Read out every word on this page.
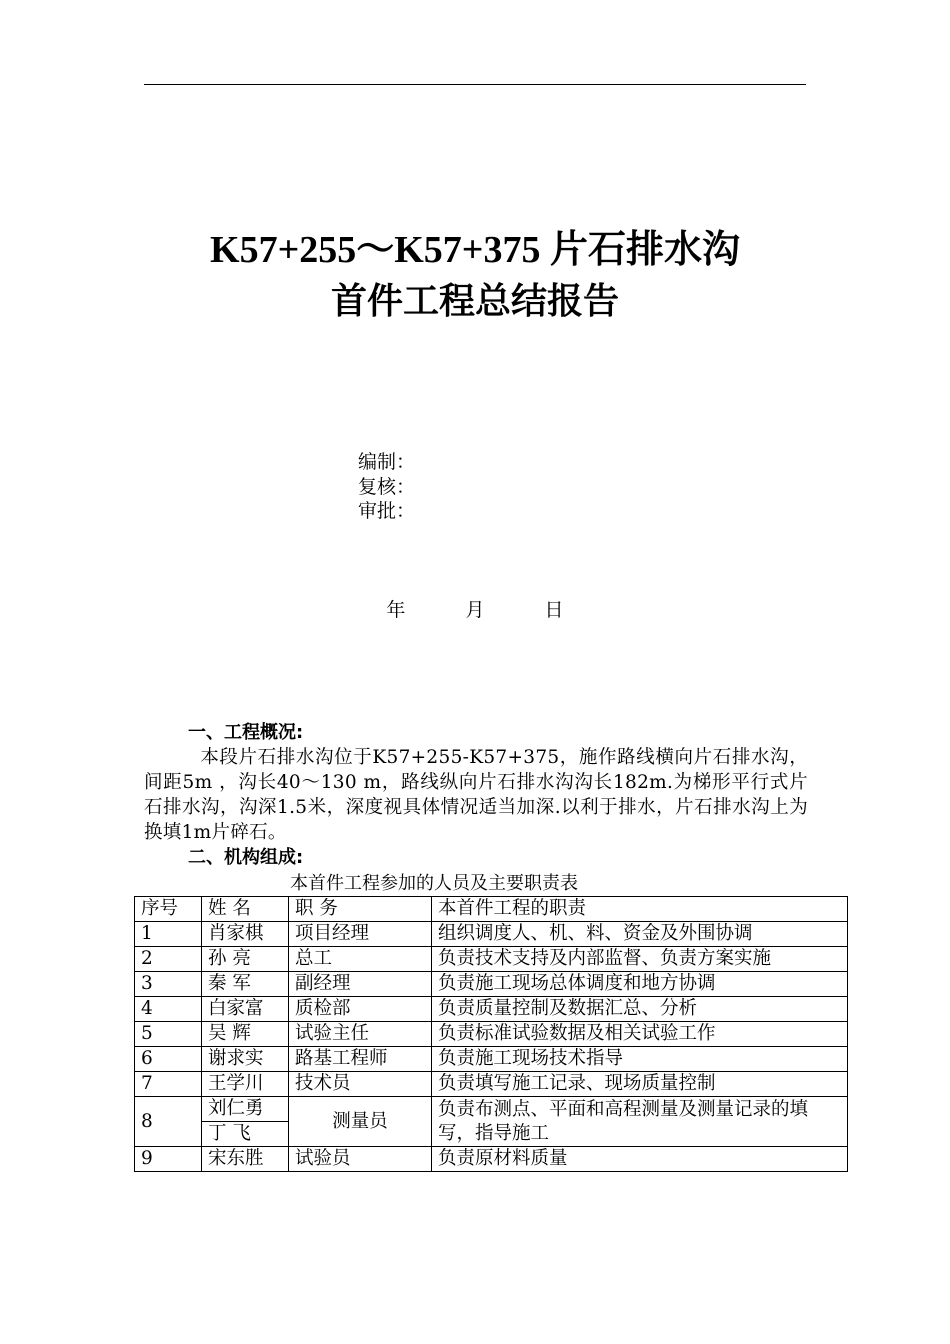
K57+255～K57+375 片石排水沟
首件工程总结报告
编制：
复核：
审批：
年	月	日
一、工程概况:
本段片石排水沟位于K57+255-K57+375，施作路线横向片石排水沟，间距5m ，沟长40～130 m，路线纵向片石排水沟沟长182m.为梯形平行式片石排水沟，沟深1.5米，深度视具体情况适当加深.以利于排水，片石排水沟上为换填1m片碎石。
二、机构组成:
本首件工程参加的人员及主要职责表
序号	姓 名	职 务	本首件工程的职责
1	肖家棋	项目经理	组织调度人、机、料、资金及外围协调
2	孙 亮	总工	负责技术支持及内部监督、负责方案实施
3	秦 军	副经理	负责施工现场总体调度和地方协调
4	白家富	质检部	负责质量控制及数据汇总、分析
5	吴 辉	试验主任	负责标准试验数据及相关试验工作
6	谢求实	路基工程师	负责施工现场技术指导
7	王学川	技术员	负责填写施工记录、现场质量控制
8	刘仁勇	测量员	负责布测点、平面和高程测量及测量记录的填写，指导施工
	丁 飞		
9	宋东胜	试验员	负责原材料质量
